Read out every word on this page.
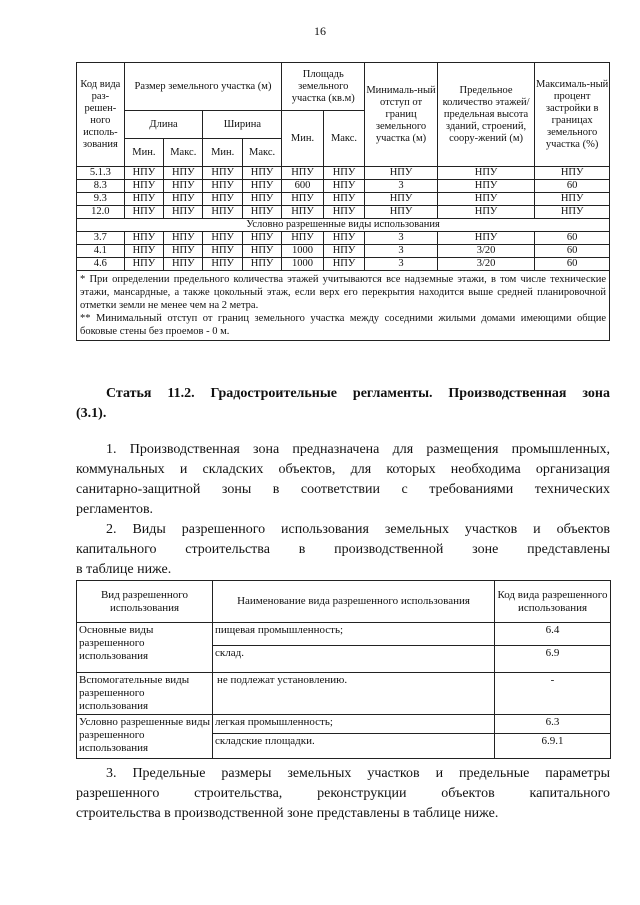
16
Код вида раз-решен-ного исполь-зования	Размер земельного участка (м)				Площадь земельного участка (кв.м)		Минималь-ный отступ от границ земельного участка (м)	Предельное количество этажей/ предельная высота зданий, строений, соору-жений (м)	Максималь-ный процент застройки в границах земельного участка (%)
	Длина		Ширина		Мин.	Макс.			
	Мин.	Макс.	Мин.	Макс.					
5.1.3	НПУ	НПУ	НПУ	НПУ	НПУ	НПУ	НПУ	НПУ	НПУ
8.3	НПУ	НПУ	НПУ	НПУ	600	НПУ	3	НПУ	60
9.3	НПУ	НПУ	НПУ	НПУ	НПУ	НПУ	НПУ	НПУ	НПУ
12.0	НПУ	НПУ	НПУ	НПУ	НПУ	НПУ	НПУ	НПУ	НПУ
Условно разрешенные виды использования									
3.7	НПУ	НПУ	НПУ	НПУ	НПУ	НПУ	3	НПУ	60
4.1	НПУ	НПУ	НПУ	НПУ	1000	НПУ	3	3/20	60
4.6	НПУ	НПУ	НПУ	НПУ	1000	НПУ	3	3/20	60

* При определении предельного количества этажей учитываются все надземные этажи, в том числе технические этажи, мансардные, а также цокольный этаж, если верх его перекрытия находится выше средней планировочной отметки земли не менее чем на 2 метра.
** Минимальный отступ от границ земельного участка между соседними жилыми домами имеющими общие боковые стены без проемов - 0 м.									
Статья 11.2. Градостроительные регламенты. Производственная зона
(3.1).
1. Производственная зона предназначена для размещения промышленных,
коммунальных и складских объектов, для которых необходима организация
санитарно-защитной зоны в соответствии с требованиями технических
регламентов.
2. Виды разрешенного использования земельных участков и объектов
капитального строительства в производственной зоне представлены
в таблице ниже.
Вид разрешенного использования	Наименование вида разрешенного использования	Код вида разрешенного использования
Основные виды разрешенного использования	пищевая промышленность;	6.4
	склад.	6.9
Вспомогательные виды разрешенного использования	не подлежат установлению.	-
Условно разрешенные виды разрешенного использования	легкая промышленность;	6.3
	складские площадки.	6.9.1
3. Предельные размеры земельных участков и предельные параметры
разрешенного строительства, реконструкции объектов капитального
строительства в производственной зоне представлены в таблице ниже.
